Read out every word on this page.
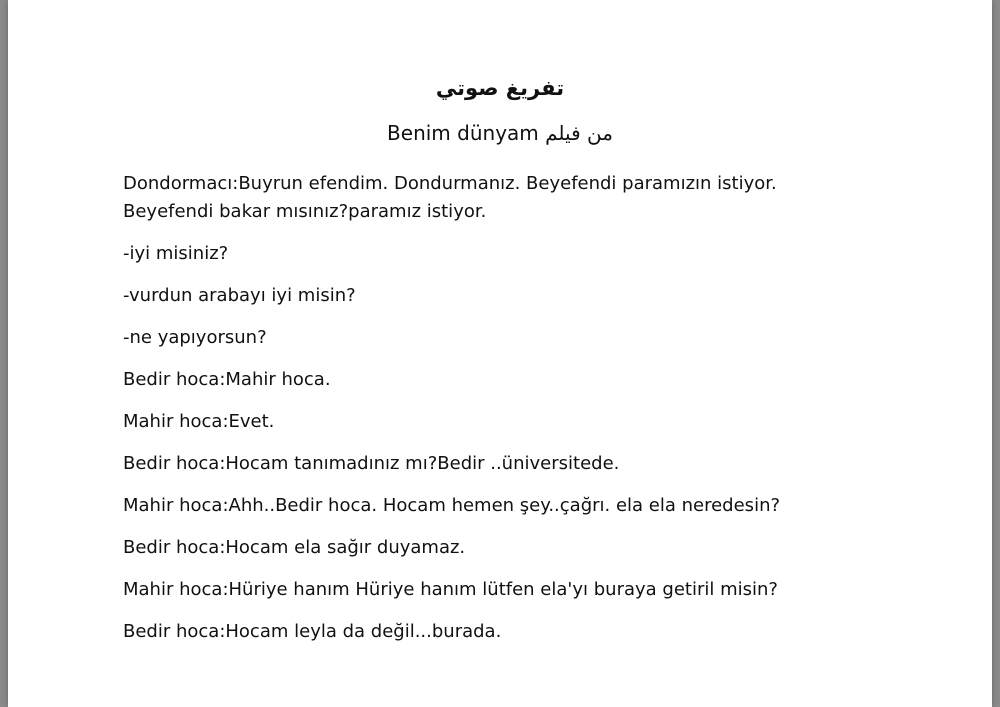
تفريغ صوتي
Benim dünyam من فيلم
Dondormacı:Buyrun efendim. Dondurmanız. Beyefendi paramızın istiyor.
Beyefendi bakar mısınız?paramız istiyor.
-iyi misiniz?
-vurdun arabayı iyi misin?
-ne yapıyorsun?
Bedir hoca:Mahir hoca.
Mahir hoca:Evet.
Bedir hoca:Hocam tanımadınız mı?Bedir ..üniversitede.
Mahir hoca:Ahh..Bedir hoca. Hocam hemen şey..çağrı. ela ela neredesin?
Bedir hoca:Hocam ela sağır duyamaz.
Mahir hoca:Hüriye hanım Hüriye hanım lütfen ela'yı buraya getiril misin?
Bedir hoca:Hocam leyla da değil...burada.
